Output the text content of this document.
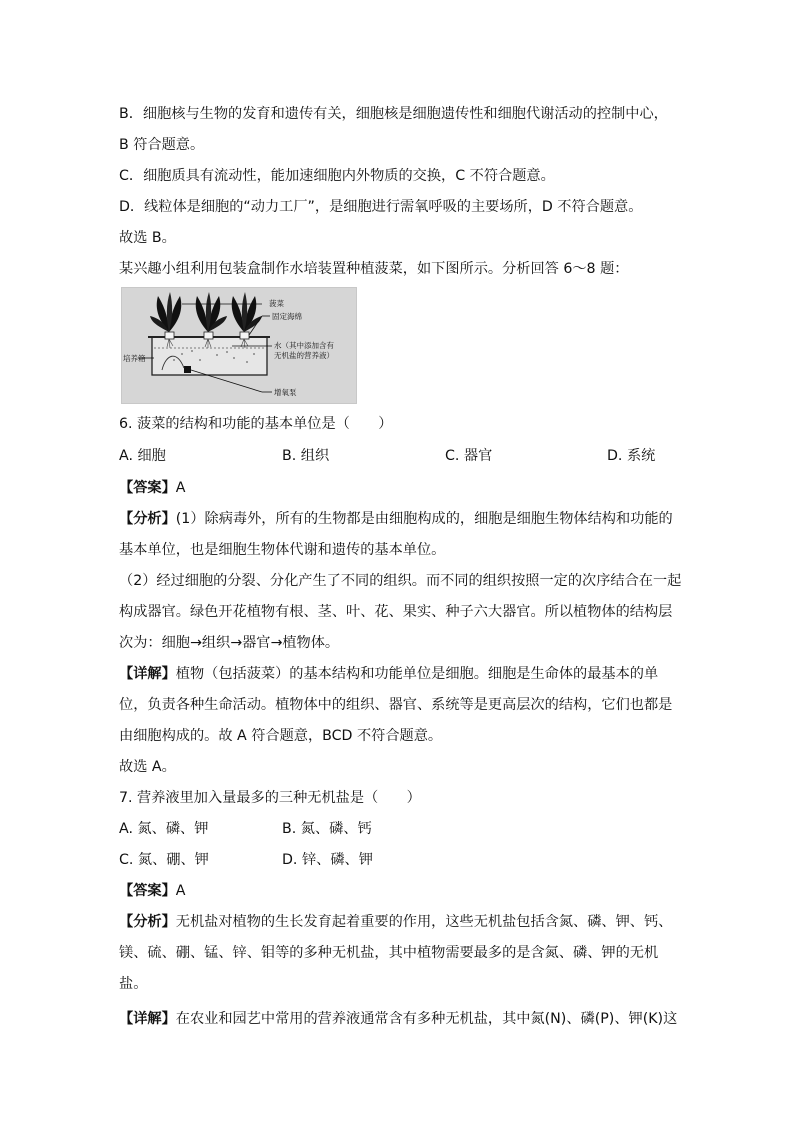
B．细胞核与生物的发育和遗传有关，细胞核是细胞遗传性和细胞代谢活动的控制中心，
B 符合题意。
C．细胞质具有流动性，能加速细胞内外物质的交换，C 不符合题意。
D．线粒体是细胞的“动力工厂”，是细胞进行需氧呼吸的主要场所，D 不符合题意。
故选 B。
某兴趣小组利用包装盒制作水培装置种植菠菜，如下图所示。分析回答 6～8 题：
菠菜
固定海绵
水（其中添加含有
无机盐的营养液）
培养箱
增氧泵
6. 菠菜的结构和功能的基本单位是（　　）
A. 细胞	B. 组织	C. 器官	D. 系统
【答案】A
【分析】(1）除病毒外，所有的生物都是由细胞构成的，细胞是细胞生物体结构和功能的
基本单位，也是细胞生物体代谢和遗传的基本单位。
（2）经过细胞的分裂、分化产生了不同的组织。而不同的组织按照一定的次序结合在一起
构成器官。绿色开花植物有根、茎、叶、花、果实、种子六大器官。所以植物体的结构层
次为：细胞→组织→器官→植物体。
【详解】植物（包括菠菜）的基本结构和功能单位是细胞。细胞是生命体的最基本的单
位，负责各种生命活动。植物体中的组织、器官、系统等是更高层次的结构，它们也都是
由细胞构成的。故 A 符合题意，BCD 不符合题意。
故选 A。
7. 营养液里加入量最多的三种无机盐是（　　）
A. 氮、磷、钾	B. 氮、磷、钙
C. 氮、硼、钾	D. 锌、磷、钾
【答案】A
【分析】无机盐对植物的生长发育起着重要的作用，这些无机盐包括含氮、磷、钾、钙、
镁、硫、硼、锰、锌、钼等的多种无机盐，其中植物需要最多的是含氮、磷、钾的无机
盐。
【详解】在农业和园艺中常用的营养液通常含有多种无机盐，其中氮(N)、磷(P)、钾(K)这
